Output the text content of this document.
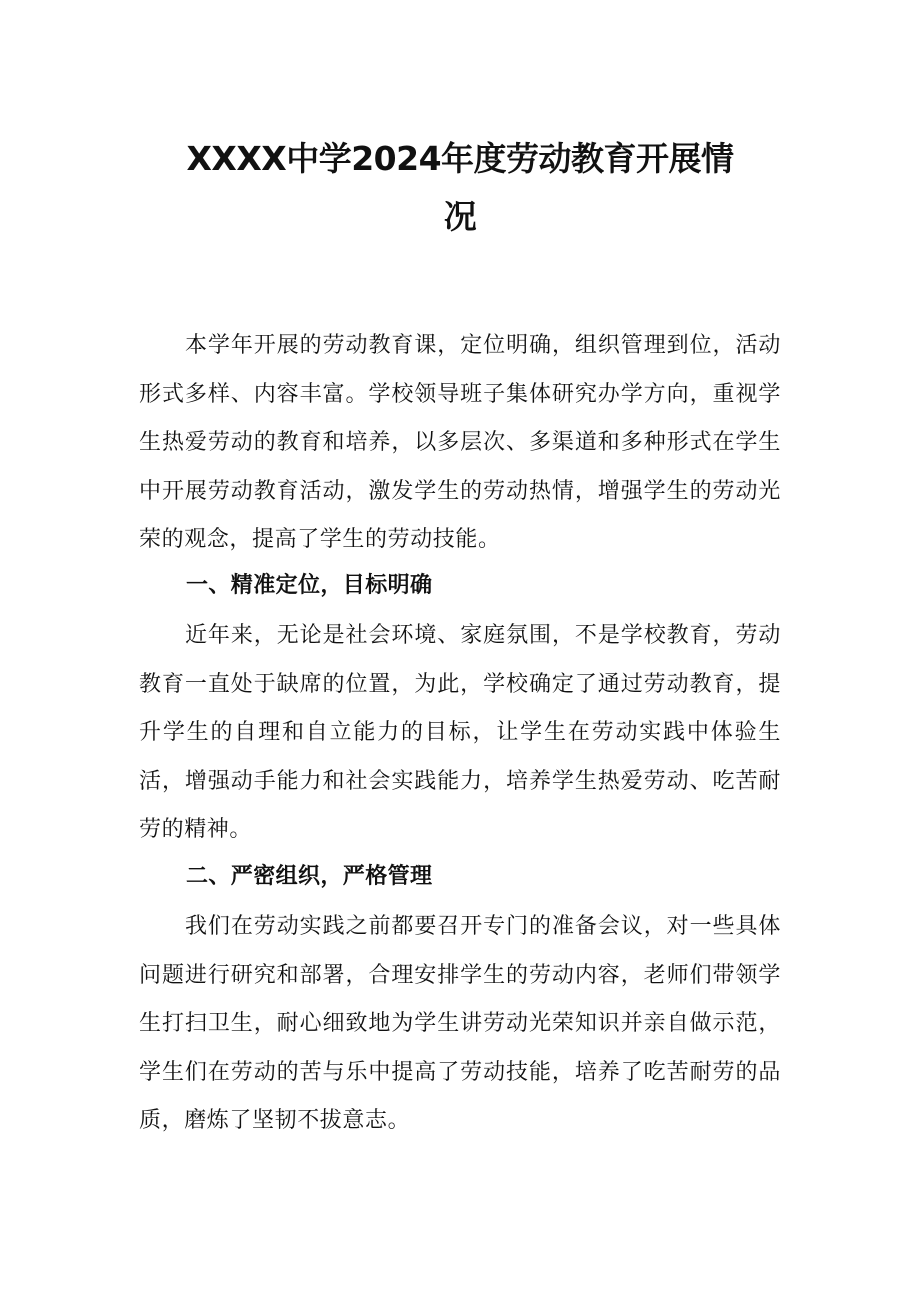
XXXX中学2024年度劳动教育开展情
况

本学年开展的劳动教育课，定位明确，组织管理到位，活动形式多样、内容丰富。学校领导班子集体研究办学方向，重视学生热爱劳动的教育和培养，以多层次、多渠道和多种形式在学生中开展劳动教育活动，激发学生的劳动热情，增强学生的劳动光荣的观念，提高了学生的劳动技能。

一、精准定位，目标明确

近年来，无论是社会环境、家庭氛围，不是学校教育，劳动教育一直处于缺席的位置，为此，学校确定了通过劳动教育，提升学生的自理和自立能力的目标，让学生在劳动实践中体验生活，增强动手能力和社会实践能力，培养学生热爱劳动、吃苦耐劳的精神。

二、严密组织，严格管理

我们在劳动实践之前都要召开专门的准备会议，对一些具体问题进行研究和部署，合理安排学生的劳动内容，老师们带领学生打扫卫生，耐心细致地为学生讲劳动光荣知识并亲自做示范，学生们在劳动的苦与乐中提高了劳动技能，培养了吃苦耐劳的品质，磨炼了坚韧不拔意志。
